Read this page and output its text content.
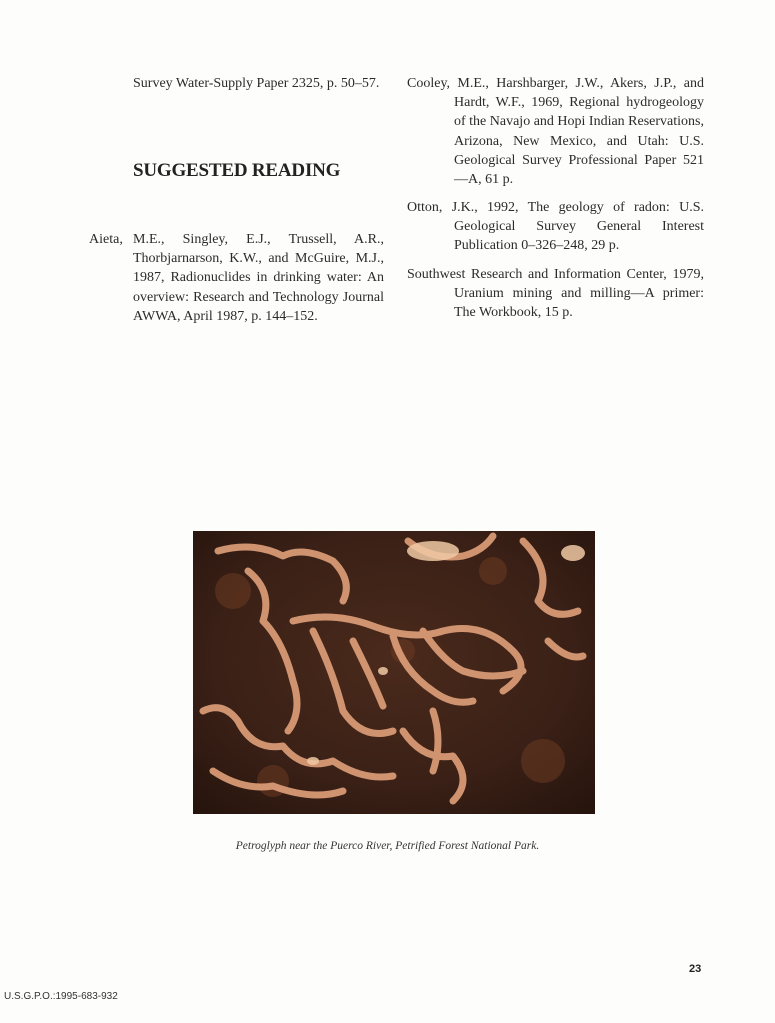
Survey Water-Supply Paper 2325, p. 50–57.
SUGGESTED READING
Aieta, M.E., Singley, E.J., Trussell, A.R., Thorbjarnarson, K.W., and McGuire, M.J., 1987, Radionuclides in drinking water: An overview: Research and Technology Journal AWWA, April 1987, p. 144–152.
Cooley, M.E., Harshbarger, J.W., Akers, J.P., and Hardt, W.F., 1969, Regional hydrogeology of the Navajo and Hopi Indian Reservations, Arizona, New Mexico, and Utah: U.S. Geological Survey Professional Paper 521—A, 61 p.
Otton, J.K., 1992, The geology of radon: U.S. Geological Survey General Interest Publication 0–326–248, 29 p.
Southwest Research and Information Center, 1979, Uranium mining and milling—A primer: The Workbook, 15 p.
Petroglyph near the Puerco River, Petrified Forest National Park.
23
U.S.G.P.O.:1995-683-932
